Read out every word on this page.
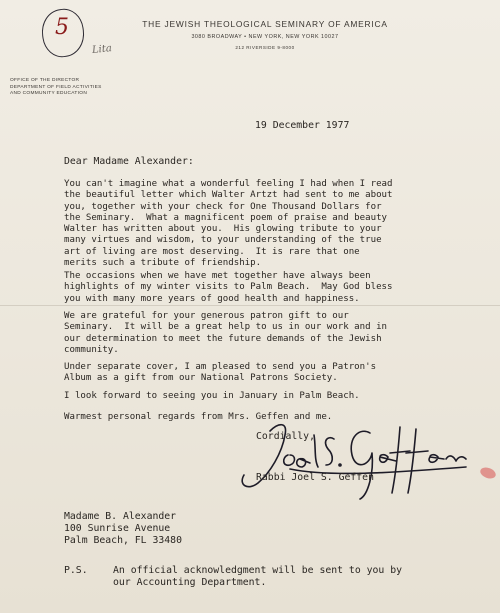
5
Lita
THE JEWISH THEOLOGICAL SEMINARY OF AMERICA
3080 BROADWAY • NEW YORK, NEW YORK 10027
212 RIVERSIDE 9-8000
OFFICE OF THE DIRECTOR
DEPARTMENT OF FIELD ACTIVITIES
AND COMMUNITY EDUCATION
19 December 1977
Dear Madame Alexander:
You can't imagine what a wonderful feeling I had when I read
the beautiful letter which Walter Artzt had sent to me about
you, together with your check for One Thousand Dollars for
the Seminary.  What a magnificent poem of praise and beauty
Walter has written about you.  His glowing tribute to your
many virtues and wisdom, to your understanding of the true
art of living are most deserving.  It is rare that one
merits such a tribute of friendship.
The occasions when we have met together have always been
highlights of my winter visits to Palm Beach.  May God bless
you with many more years of good health and happiness.
We are grateful for your generous patron gift to our
Seminary.  It will be a great help to us in our work and in
our determination to meet the future demands of the Jewish
community.
Under separate cover, I am pleased to send you a Patron's
Album as a gift from our National Patrons Society.
I look forward to seeing you in January in Palm Beach.
Warmest personal regards from Mrs. Geffen and me.
Cordially,
Rabbi Joel S. Geffen
Madame B. Alexander
100 Sunrise Avenue
Palm Beach, FL 33480
P.S.	An official acknowledgment will be sent to you by
our Accounting Department.
